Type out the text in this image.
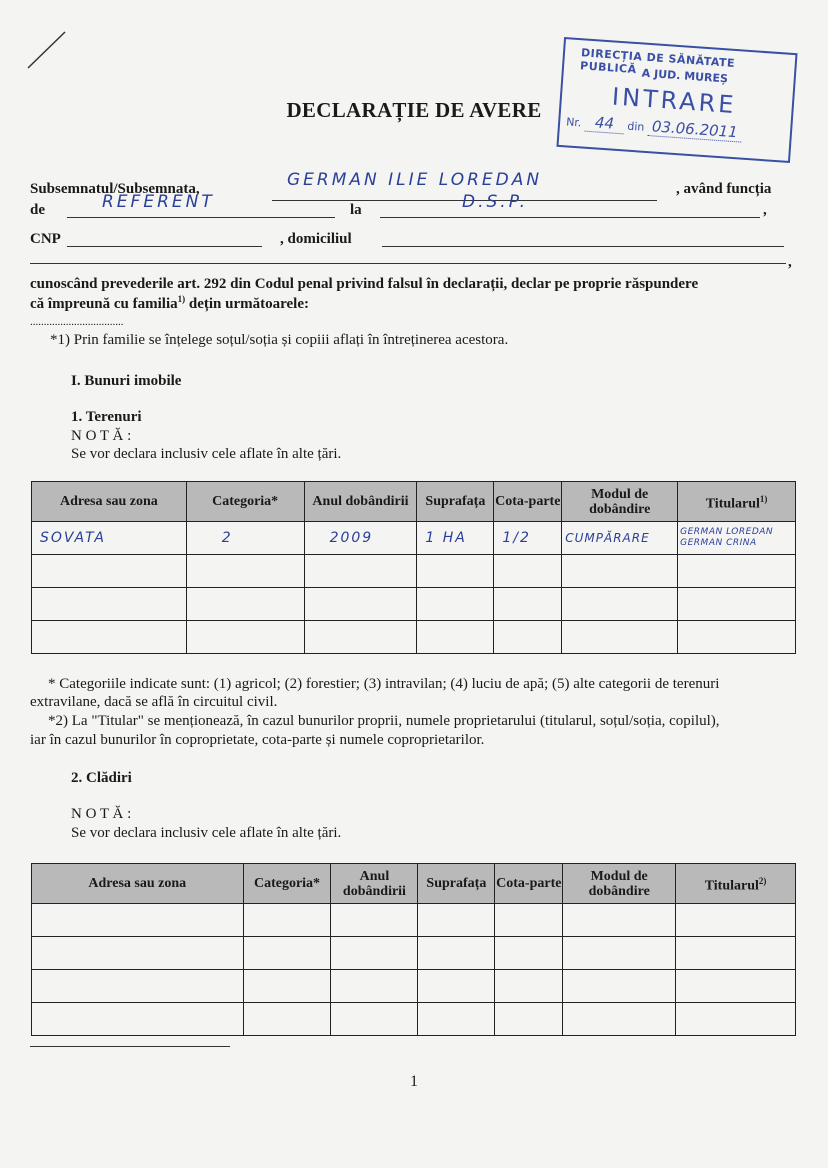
DECLARAȚIE DE AVERE
DIRECȚIA DE SĂNĂTATE PUBLICĂ A JUD. MUREȘ
INTRARE
Nr. 44 din 03.06.2011
Subsemnatul/Subsemnata,	GERMAN ILIE LOREDAN	, având funcția
de	REFERENT	la	D.S.P.	,
CNP	, domiciliul
,
cunoscând prevederile art. 292 din Codul penal privind falsul în declarații, declar pe proprie răspundere
că împreună cu familia$^{1)}$ dețin următoarele:
..................................
*1) Prin familie se înțelege soțul/soția și copiii aflați în întreținerea acestora.
I. Bunuri imobile
1. Terenuri
N O T Ă :
Se vor declara inclusiv cele aflate în alte țări.
Adresa sau zona	Categoria*	Anul dobândirii	Suprafața	Cota-parte	Modul de dobândire	Titularul$^{1)}$
SOVATA	2	2009	1 HA	1/2	CUMPĂRARE	GERMAN LOREDAN GERMAN CRINA

* Categoriile indicate sunt: (1) agricol; (2) forestier; (3) intravilan; (4) luciu de apă; (5) alte categorii de terenuri
extravilane, dacă se află în circuitul civil.
*2) La "Titular" se menționează, în cazul bunurilor proprii, numele proprietarului (titularul, soțul/soția, copilul),
iar în cazul bunurilor în coproprietate, cota-parte și numele coproprietarilor.
2. Clădiri
N O T Ă :
Se vor declara inclusiv cele aflate în alte țări.
Adresa sau zona	Categoria*	Anul dobândirii	Suprafața	Cota-parte	Modul de dobândire	Titularul$^{2)}$

1
